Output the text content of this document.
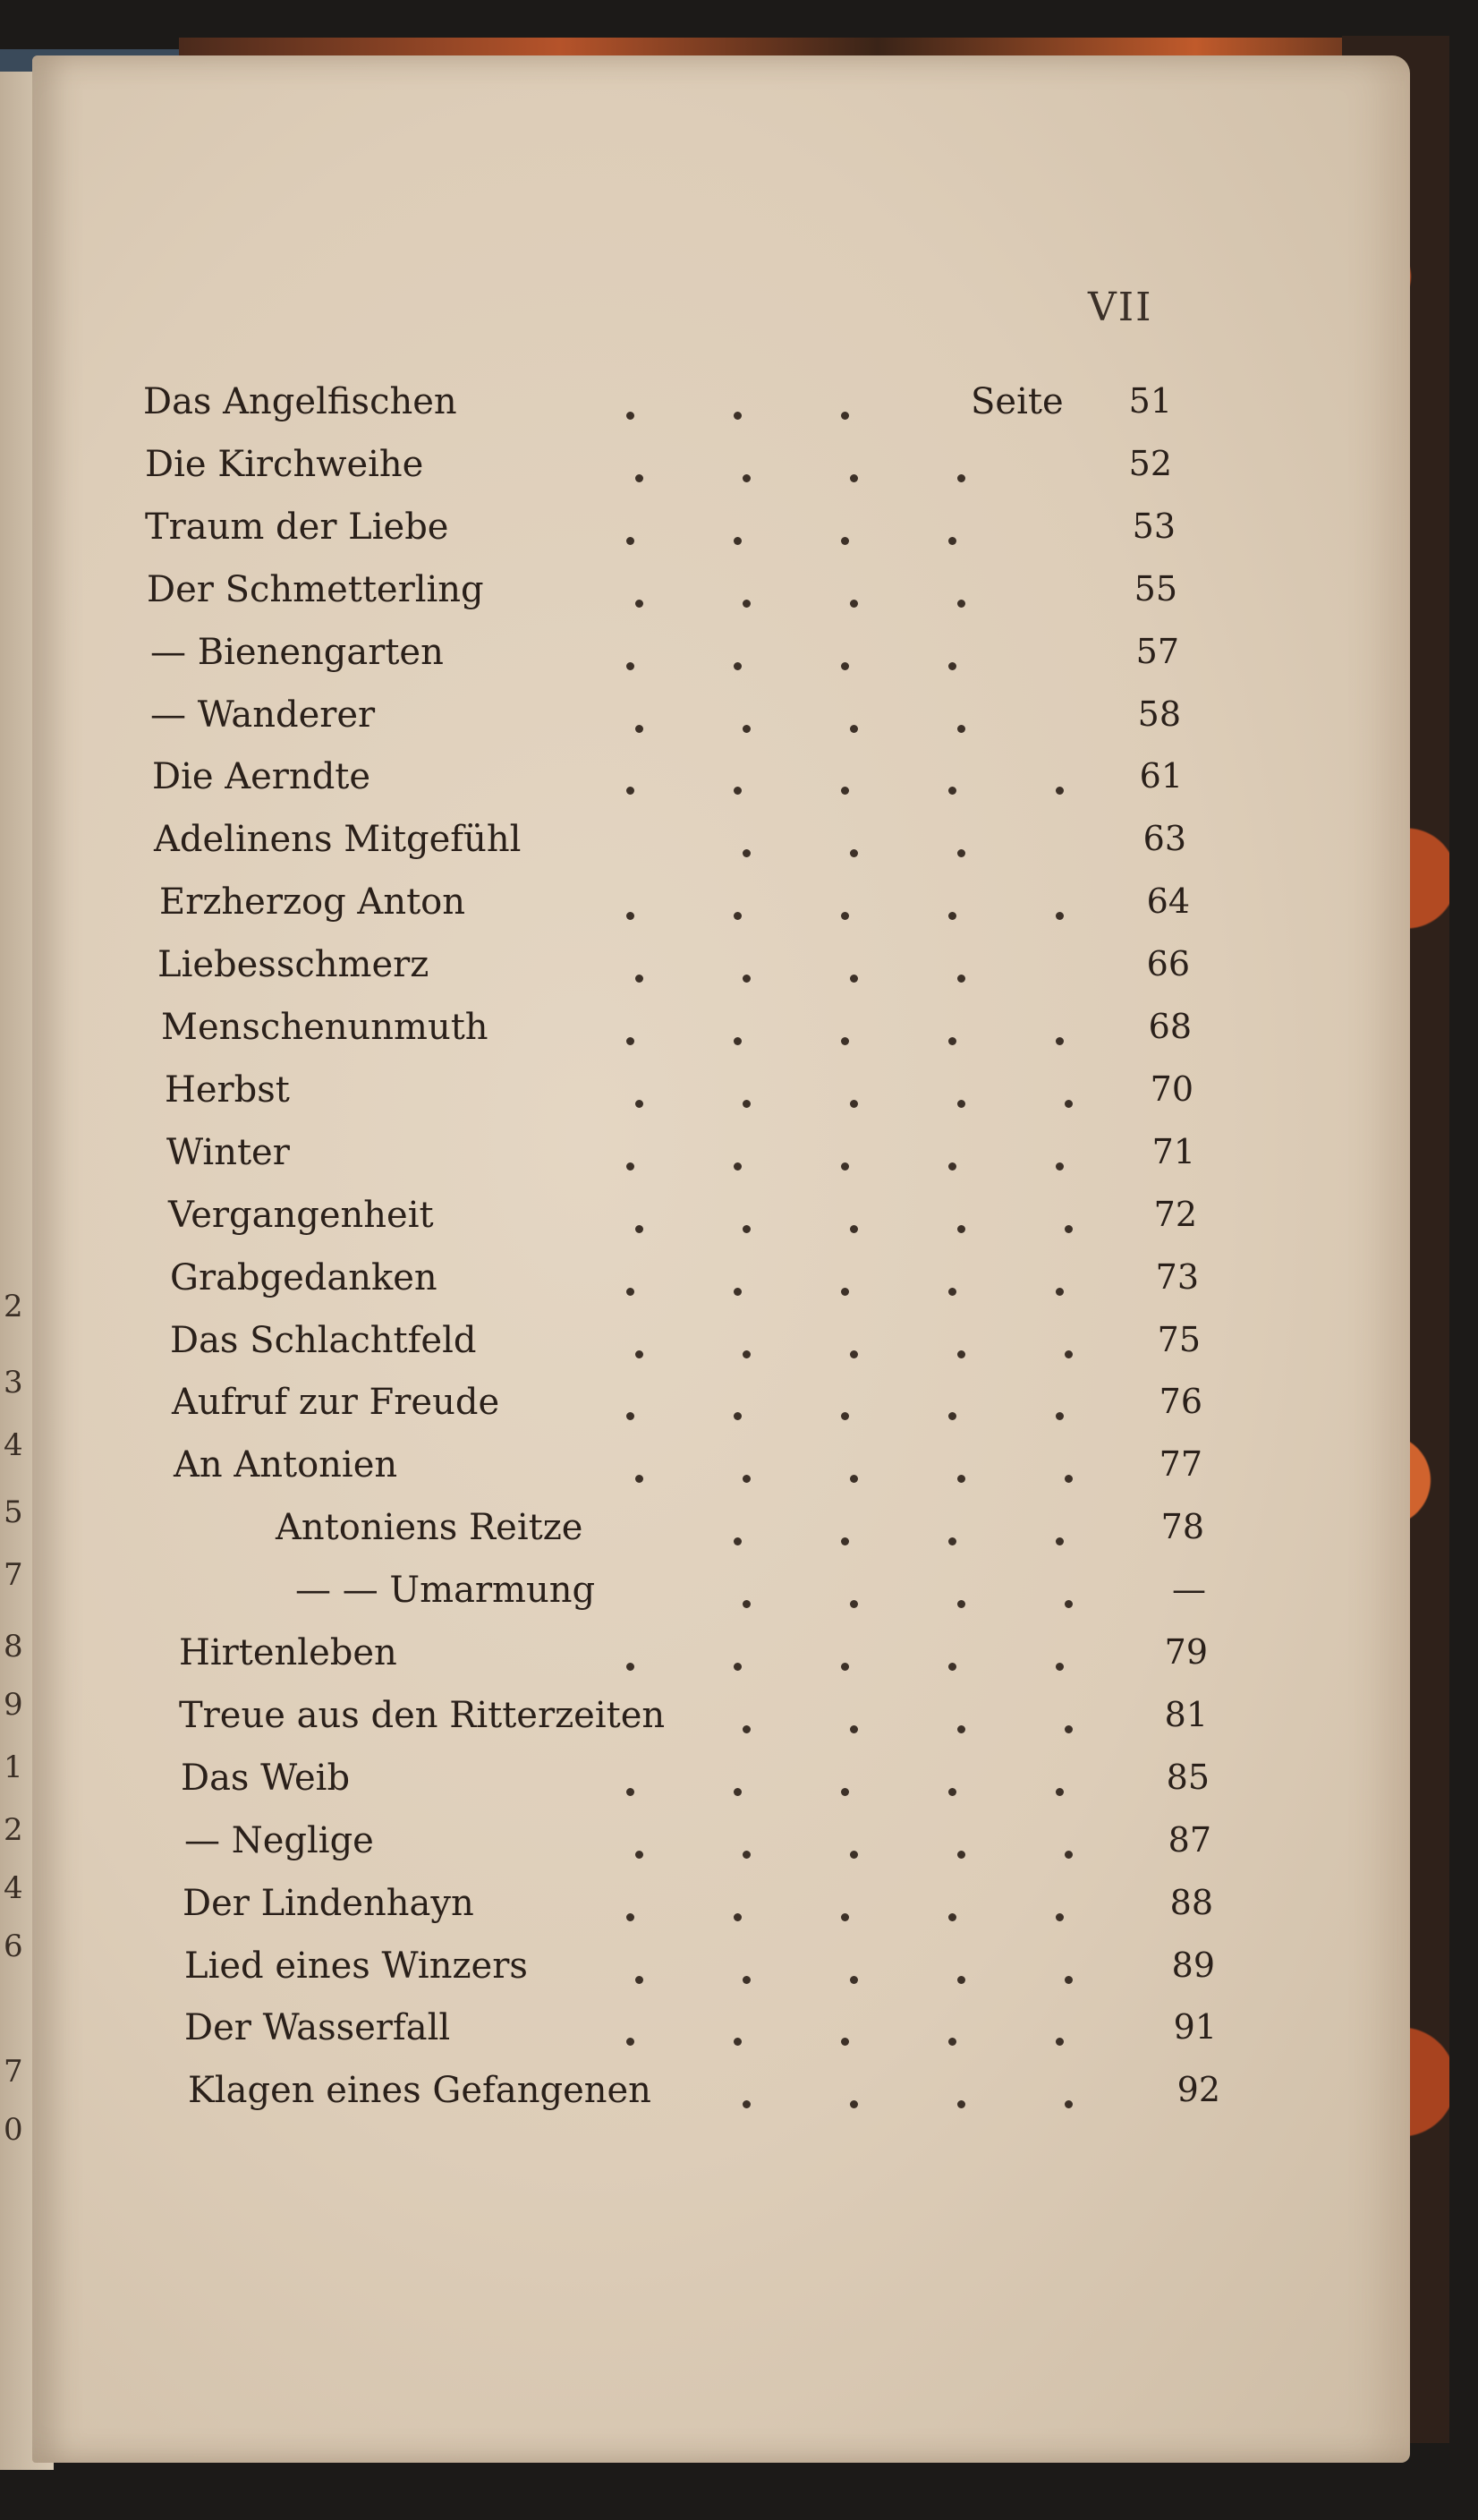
2
3
4
5
7
8
9
1
2
4
6
7
0
VII
Seite
Das Angelfischen	51
Die Kirchweihe	52
Traum der Liebe	53
Der Schmetterling	55
— Bienengarten	57
— Wanderer	58
Die Aerndte	61
Adelinens Mitgefühl	63
Erzherzog Anton	64
Liebesschmerz	66
Menschenunmuth	68
Herbst	70
Winter	71
Vergangenheit	72
Grabgedanken	73
Das Schlachtfeld	75
Aufruf zur Freude	76
An Antonien	77
Antoniens Reitze	78
— — Umarmung	—
Hirtenleben	79
Treue aus den Ritterzeiten	81
Das Weib	85
— Neglige	87
Der Lindenhayn	88
Lied eines Winzers	89
Der Wasserfall	91
Klagen eines Gefangenen	92
